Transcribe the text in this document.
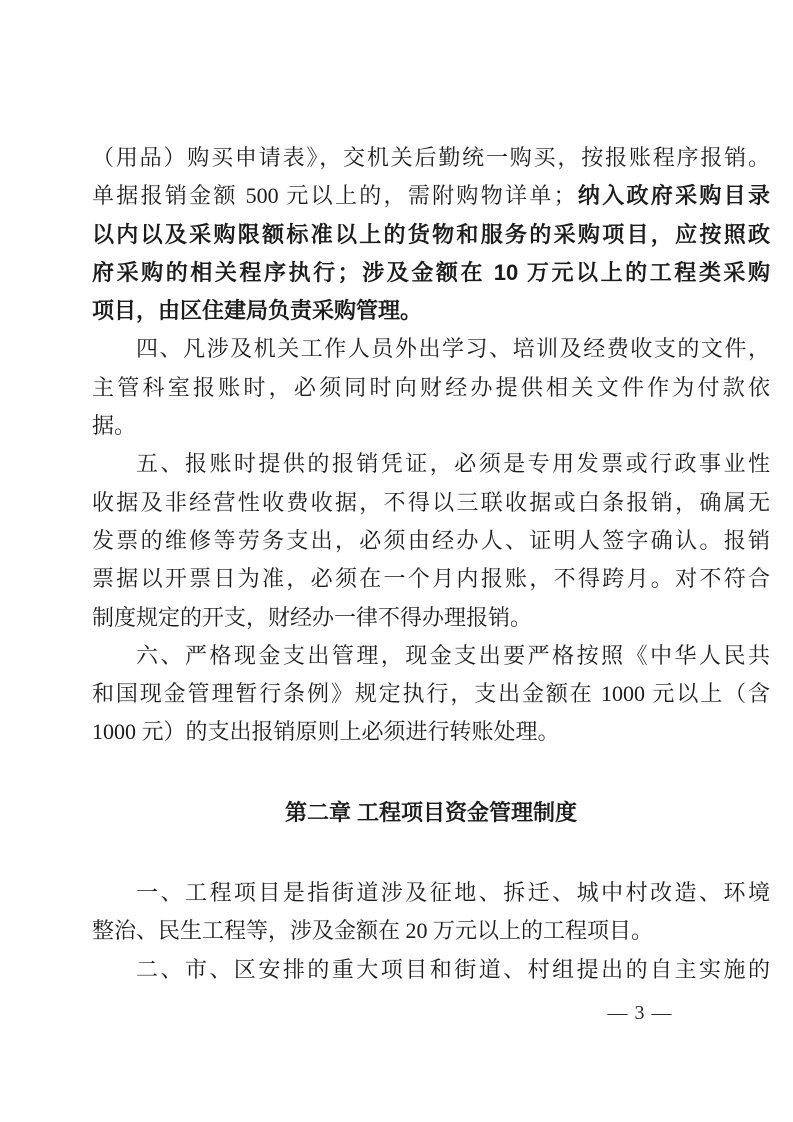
（用品）购买申请表》，交机关后勤统一购买，按报账程序报销。
单据报销金额 500 元以上的，需附购物详单；纳入政府采购目录
以内以及采购限额标准以上的货物和服务的采购项目，应按照政
府采购的相关程序执行；涉及金额在 10 万元以上的工程类采购
项目，由区住建局负责采购管理。
四、凡涉及机关工作人员外出学习、培训及经费收支的文件，
主管科室报账时，必须同时向财经办提供相关文件作为付款依
据。
五、报账时提供的报销凭证，必须是专用发票或行政事业性
收据及非经营性收费收据，不得以三联收据或白条报销，确属无
发票的维修等劳务支出，必须由经办人、证明人签字确认。报销
票据以开票日为准，必须在一个月内报账，不得跨月。对不符合
制度规定的开支，财经办一律不得办理报销。
六、严格现金支出管理，现金支出要严格按照《中华人民共
和国现金管理暂行条例》规定执行，支出金额在 1000 元以上（含
1000 元）的支出报销原则上必须进行转账处理。
第二章 工程项目资金管理制度
一、工程项目是指街道涉及征地、拆迁、城中村改造、环境
整治、民生工程等，涉及金额在 20 万元以上的工程项目。
二、市、区安排的重大项目和街道、村组提出的自主实施的
— 3 —
